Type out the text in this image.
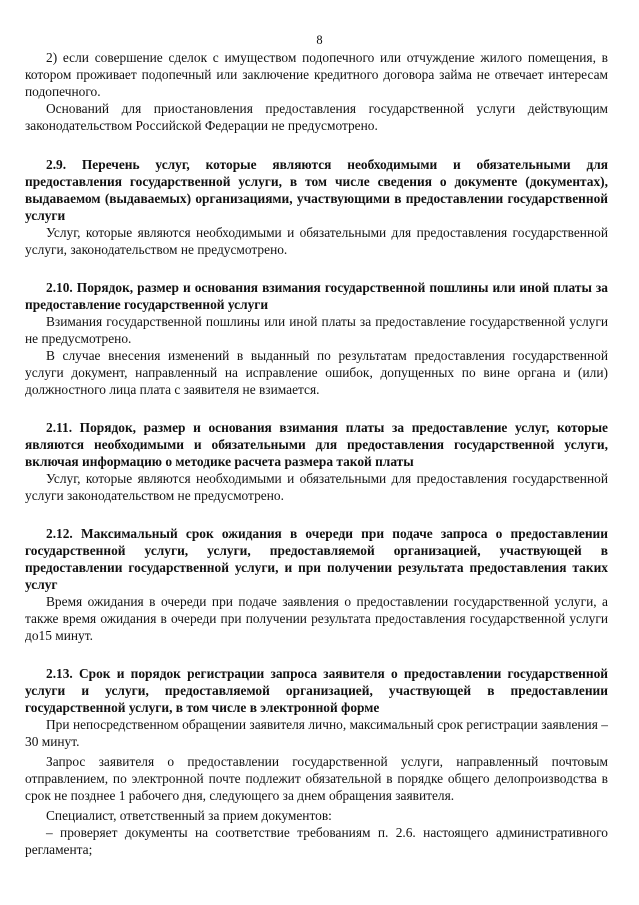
8

2) если совершение сделок с имуществом подопечного или отчуждение жилого помещения, в котором проживает подопечный или заключение кредитного договора займа не отвечает интересам подопечного.

Оснований для приостановления предоставления государственной услуги действующим законодательством Российской Федерации не предусмотрено.

2.9. Перечень услуг, которые являются необходимыми и обязательными для предоставления государственной услуги, в том числе сведения о документе (документах), выдаваемом (выдаваемых) организациями, участвующими в предоставлении государственной услуги

Услуг, которые являются необходимыми и обязательными для предоставления государственной услуги, законодательством не предусмотрено.

2.10. Порядок, размер и основания взимания государственной пошлины или иной платы за предоставление государственной услуги

Взимания государственной пошлины или иной платы за предоставление государственной услуги не предусмотрено.

В случае внесения изменений в выданный по результатам предоставления государственной услуги документ, направленный на исправление ошибок, допущенных по вине органа и (или) должностного лица плата с заявителя не взимается.

2.11. Порядок, размер и основания взимания платы за предоставление услуг, которые являются необходимыми и обязательными для предоставления государственной услуги, включая информацию о методике расчета размера такой платы

Услуг, которые являются необходимыми и обязательными для предоставления государственной услуги законодательством не предусмотрено.

2.12. Максимальный срок ожидания в очереди при подаче запроса о предоставлении государственной услуги, услуги, предоставляемой организацией, участвующей в предоставлении государственной услуги, и при получении результата предоставления таких услуг

Время ожидания в очереди при подаче заявления о предоставлении государственной услуги, а также время ожидания в очереди при получении результата предоставления государственной услуги до15 минут.

2.13. Срок и порядок регистрации запроса заявителя о предоставлении государственной услуги и услуги, предоставляемой организацией, участвующей в предоставлении государственной услуги, в том числе в электронной форме

При непосредственном обращении заявителя лично, максимальный срок регистрации заявления – 30 минут.

Запрос заявителя о предоставлении государственной услуги, направленный почтовым отправлением, по электронной почте подлежит обязательной в порядке общего делопроизводства в срок не позднее 1 рабочего дня, следующего за днем обращения заявителя.

Специалист, ответственный за прием документов:

– проверяет документы на соответствие требованиям п. 2.6. настоящего административного регламента;
